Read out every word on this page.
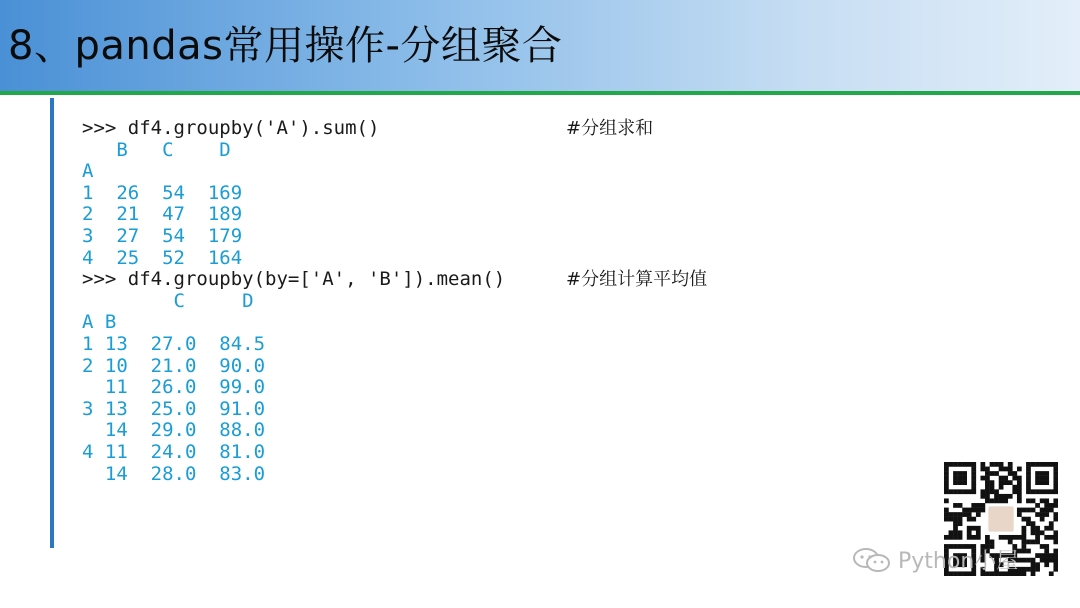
8、pandas常用操作-分组聚合
>>> df4.groupby('A').sum()	#分组求和
B   C    D
A
1  26  54  169
2  21  47  189
3  27  54  179
4  25  52  164
>>> df4.groupby(by=['A', 'B']).mean()	#分组计算平均值
C     D
A B
1 13  27.0  84.5
2 10  21.0  90.0
11  26.0  99.0
3 13  25.0  91.0
14  29.0  88.0
4 11  24.0  81.0
14  28.0  83.0
Python小屋
